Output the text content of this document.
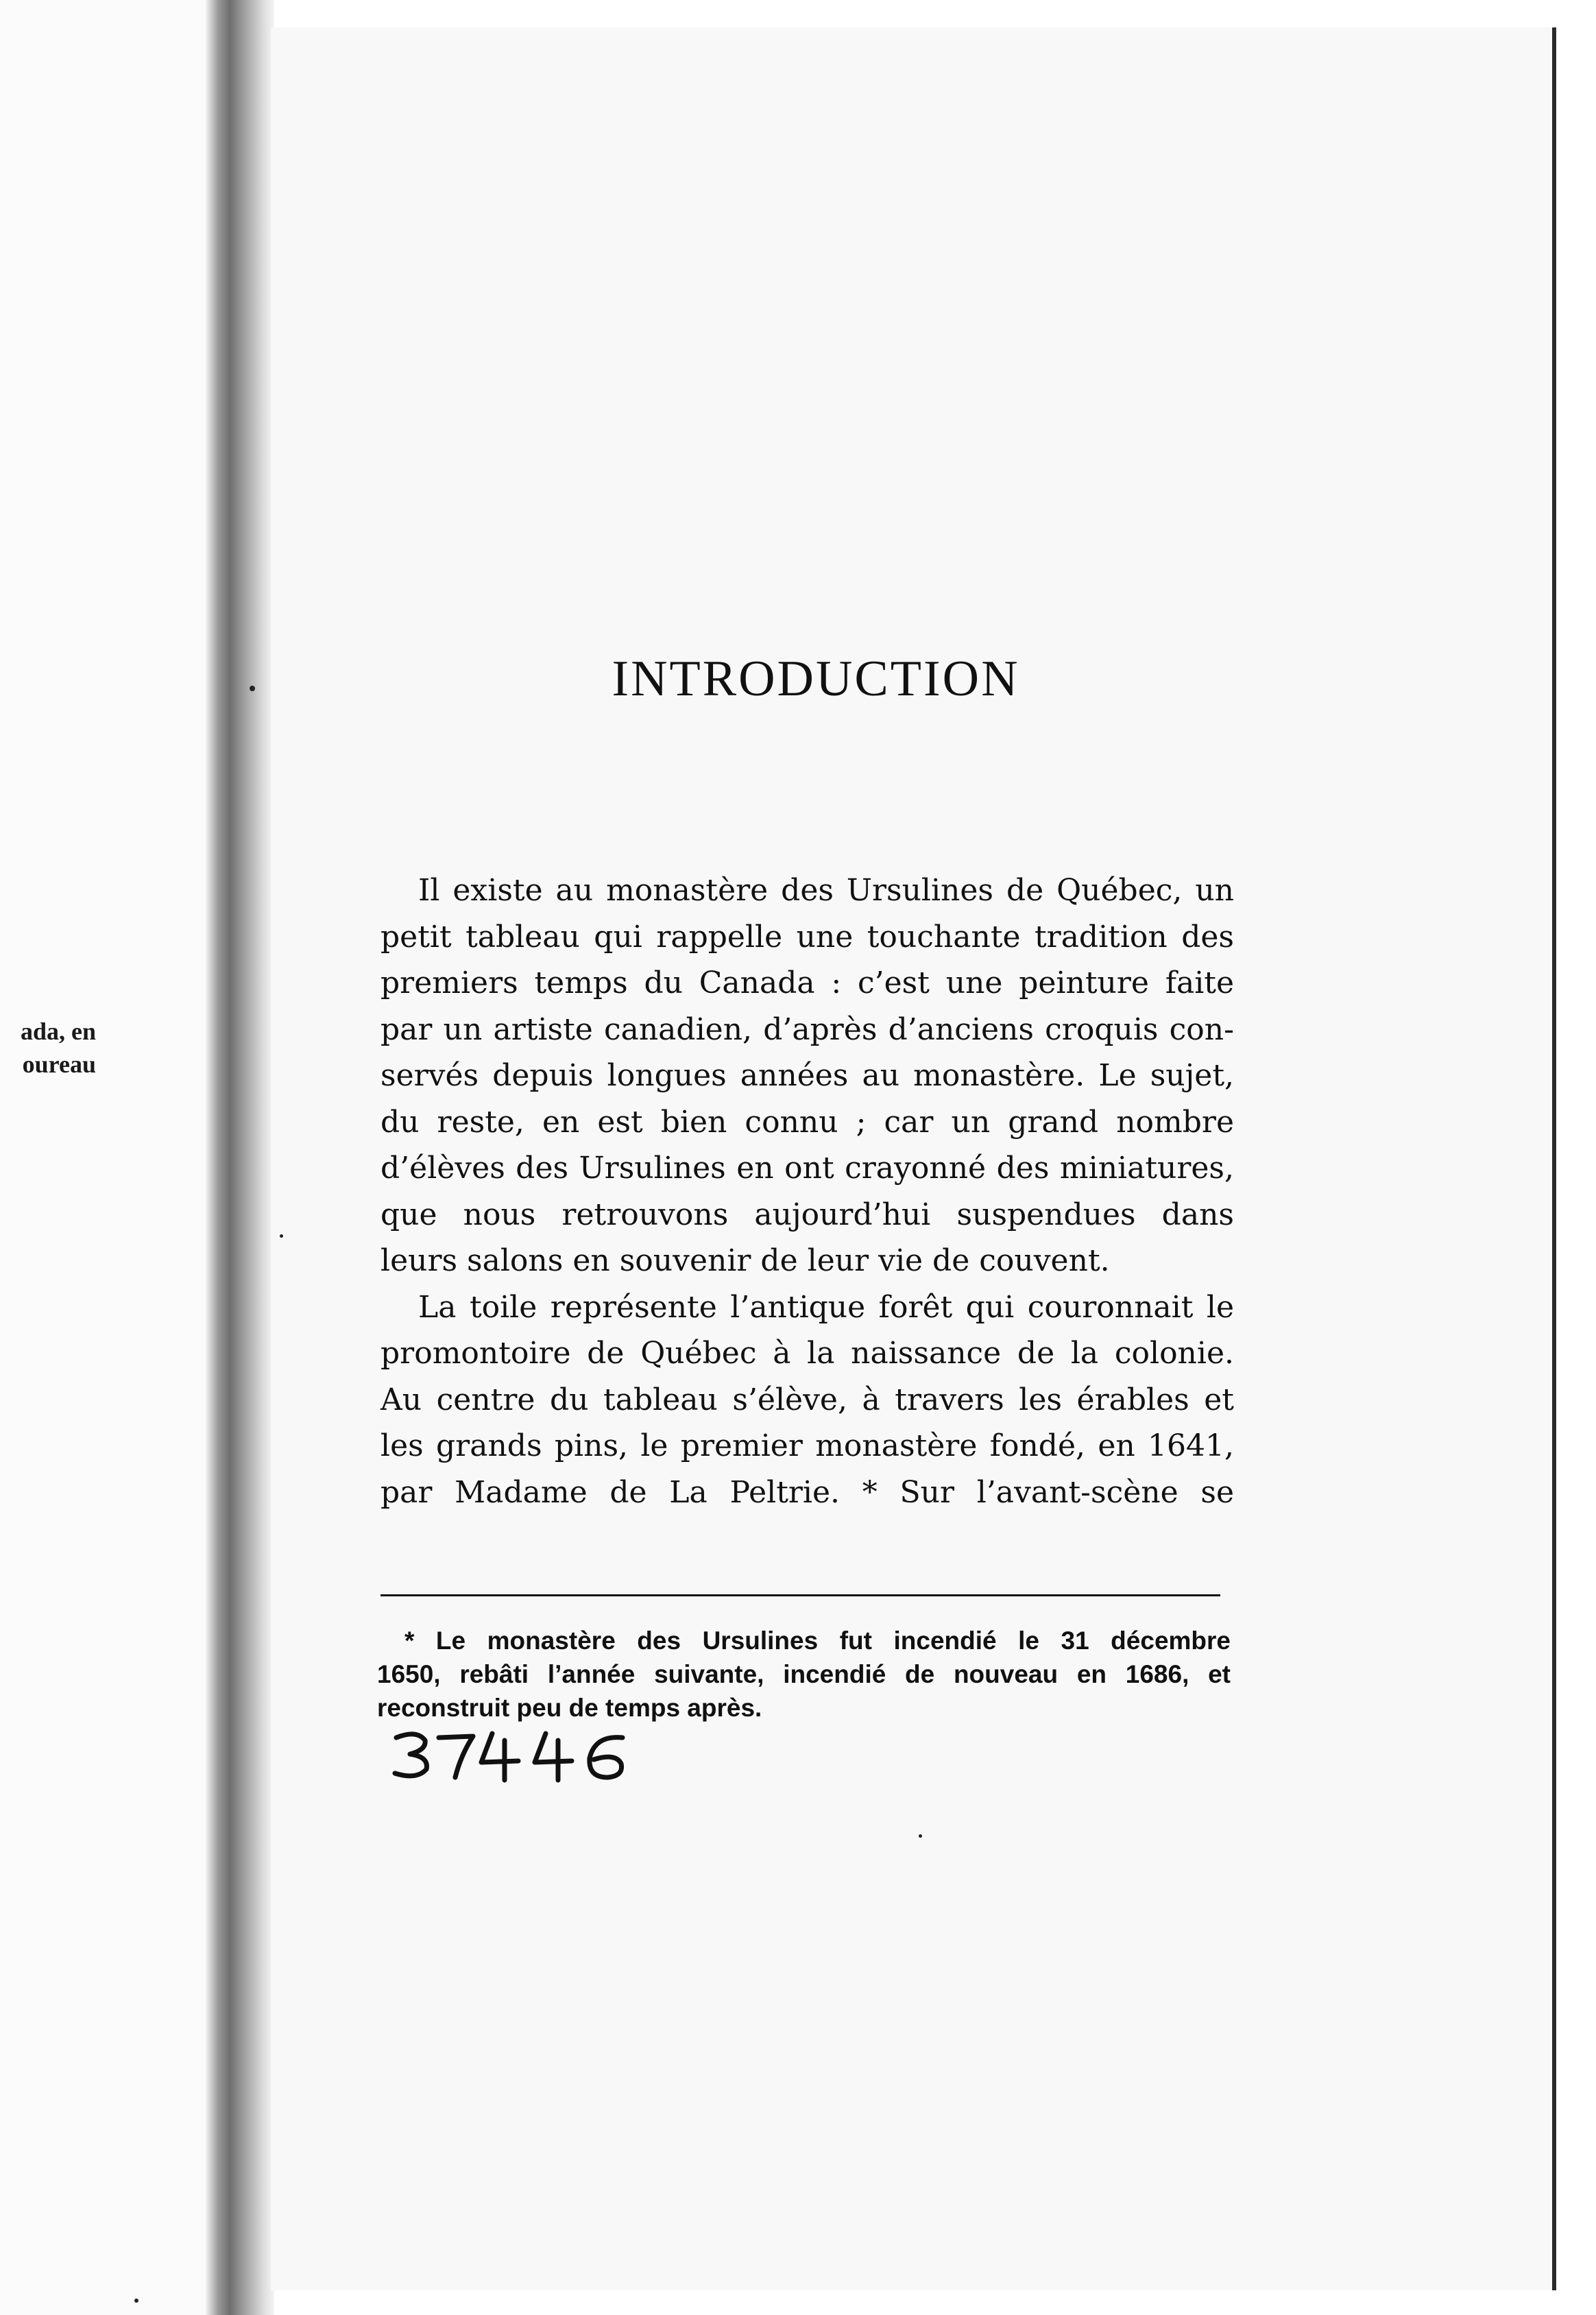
ada, en
oureau
INTRODUCTION
Il existe au monastère des Ursulines de Québec, un
petit tableau qui rappelle une touchante tradition des
premiers temps du Canada : c’est une peinture faite
par un artiste canadien, d’après d’anciens croquis con-
servés depuis longues années au monastère. Le sujet,
du reste, en est bien connu ; car un grand nombre
d’élèves des Ursulines en ont crayonné des miniatures,
que nous retrouvons aujourd’hui suspendues dans
leurs salons en souvenir de leur vie de couvent.
La toile représente l’antique forêt qui couronnait le
promontoire de Québec à la naissance de la colonie.
Au centre du tableau s’élève, à travers les érables et
les grands pins, le premier monastère fondé, en 1641,
par Madame de La Peltrie. * Sur l’avant-scène se
* Le monastère des Ursulines fut incendié le 31 décembre
1650, rebâti l’année suivante, incendié de nouveau en 1686, et
reconstruit peu de temps après.
